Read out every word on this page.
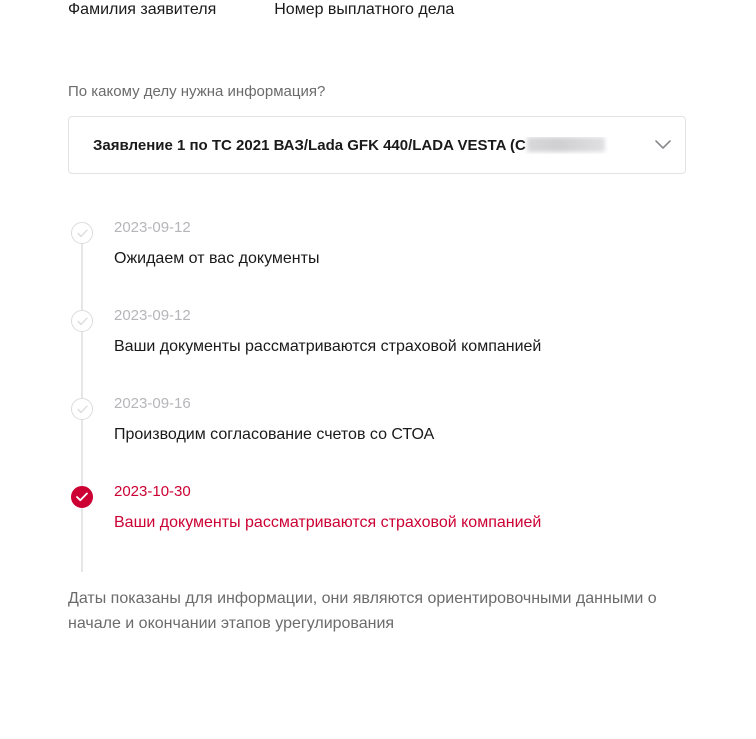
Фамилия заявителя	Номер выплатного дела
По какому делу нужна информация?
Заявление 1 по ТС 2021 ВАЗ/Lada GFK 440/LADA VESTA (С
2023-09-12
Ожидаем от вас документы
2023-09-12
Ваши документы рассматриваются страховой компанией
2023-09-16
Производим согласование счетов со СТОА
2023-10-30
Ваши документы рассматриваются страховой компанией
Даты показаны для информации, они являются ориентировочными данными о начале и окончании этапов урегулирования
